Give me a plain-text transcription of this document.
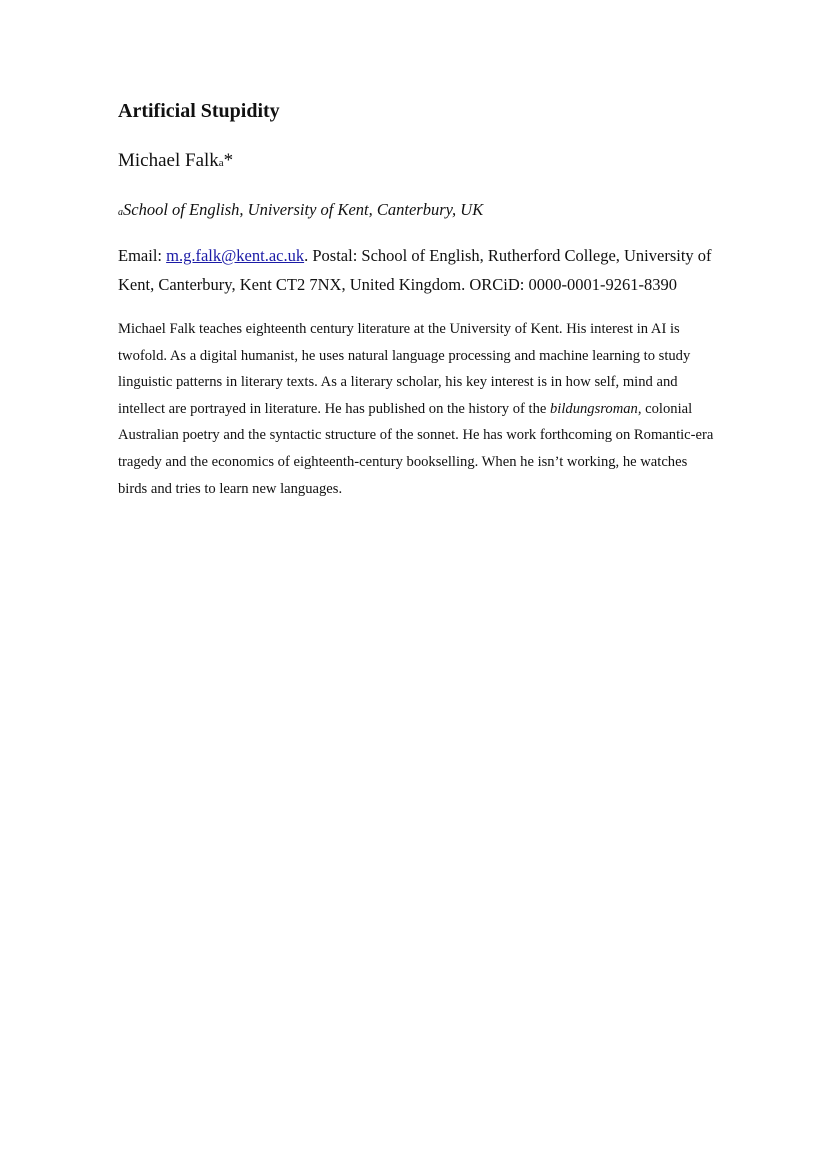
Artificial Stupidity

Michael Falka*

aSchool of English, University of Kent, Canterbury, UK

Email: m.g.falk@kent.ac.uk. Postal: School of English, Rutherford College, University of Kent, Canterbury, Kent CT2 7NX, United Kingdom. ORCiD: 0000-0001-9261-8390

Michael Falk teaches eighteenth century literature at the University of Kent. His interest in AI is twofold. As a digital humanist, he uses natural language processing and machine learning to study linguistic patterns in literary texts. As a literary scholar, his key interest is in how self, mind and intellect are portrayed in literature. He has published on the history of the bildungsroman, colonial Australian poetry and the syntactic structure of the sonnet. He has work forthcoming on Romantic-era tragedy and the economics of eighteenth-century bookselling. When he isn’t working, he watches birds and tries to learn new languages.
